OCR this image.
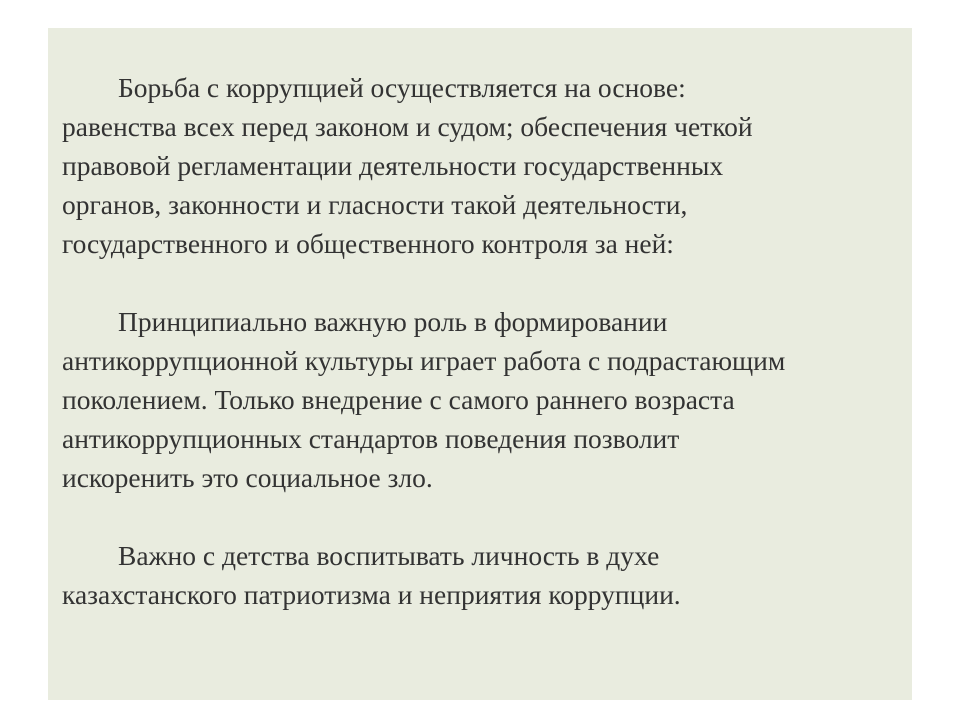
Борьба с коррупцией осуществляется на основе:
равенства всех перед законом и судом; обеспечения четкой
правовой регламентации деятельности государственных
органов, законности и гласности такой деятельности,
государственного и общественного контроля за ней:

Принципиально важную роль в формировании
антикоррупционной культуры играет работа с подрастающим
поколением. Только внедрение с самого раннего возраста
антикоррупционных стандартов поведения позволит
искоренить это социальное зло.

Важно с детства воспитывать личность в духе
казахстанского патриотизма и неприятия коррупции.
